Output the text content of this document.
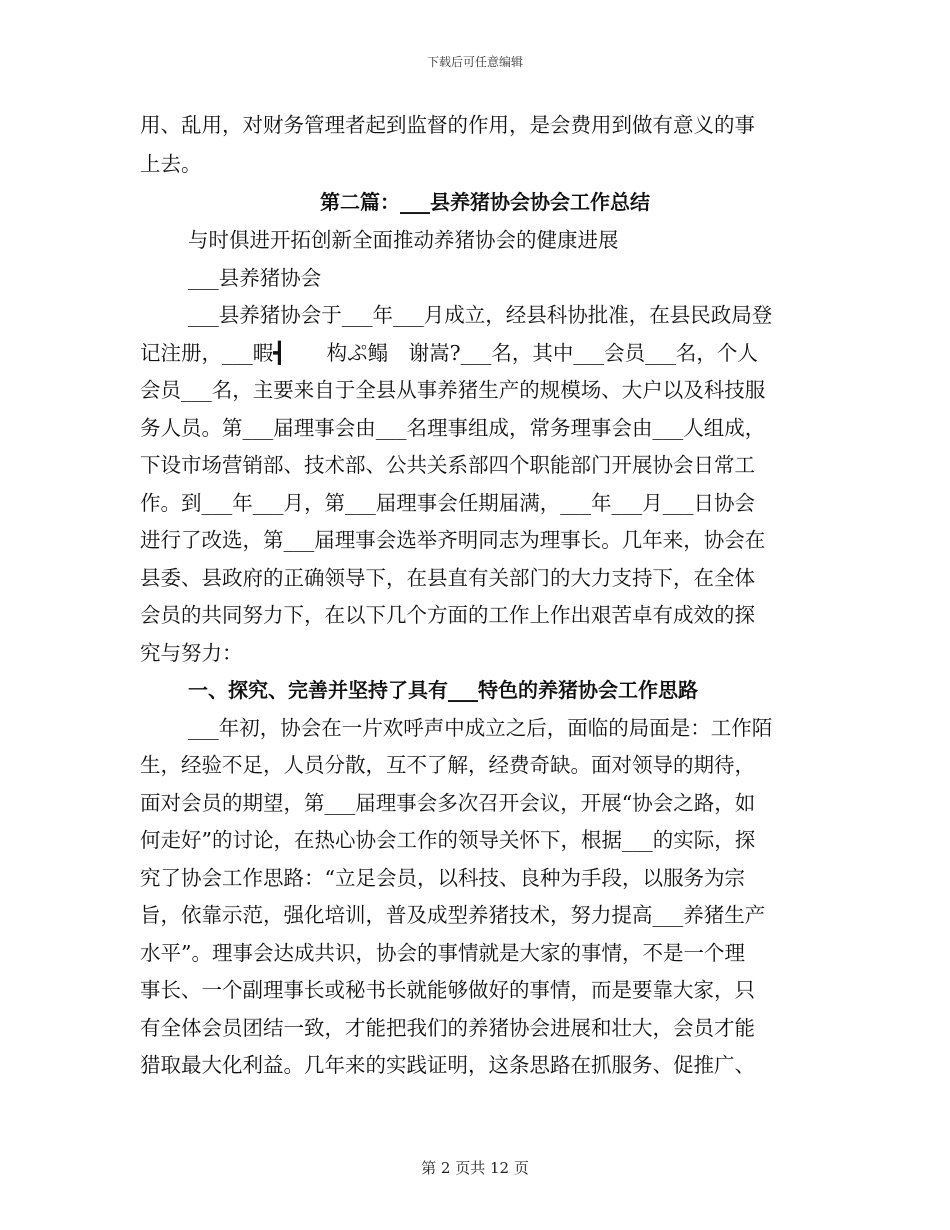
下载后可任意编辑
用、乱用，对财务管理者起到监督的作用，是会费用到做有意义的事
上去。
第二篇：___县养猪协会协会工作总结
与时俱进开拓创新全面推动养猪协会的健康进展
___县养猪协会
___县养猪协会于___年___月成立，经县科协批准，在县民政局登
记注册，___暇┫　　构ぷ鳎　谢嵩?___名，其中___会员___名，个人
会员___名，主要来自于全县从事养猪生产的规模场、大户以及科技服
务人员。第___届理事会由___名理事组成，常务理事会由___人组成，
下设市场营销部、技术部、公共关系部四个职能部门开展协会日常工
作。到___年___月，第___届理事会任期届满，___年___月___日协会
进行了改选，第___届理事会选举齐明同志为理事长。几年来，协会在
县委、县政府的正确领导下，在县直有关部门的大力支持下，在全体
会员的共同努力下，在以下几个方面的工作上作出艰苦卓有成效的探
究与努力：
一、探究、完善并坚持了具有___特色的养猪协会工作思路
___年初，协会在一片欢呼声中成立之后，面临的局面是：工作陌
生，经验不足，人员分散，互不了解，经费奇缺。面对领导的期待，
面对会员的期望，第___届理事会多次召开会议，开展“协会之路，如
何走好”的讨论，在热心协会工作的领导关怀下，根据___的实际，探
究了协会工作思路：“立足会员，以科技、良种为手段，以服务为宗
旨，依靠示范，强化培训，普及成型养猪技术，努力提高___养猪生产
水平”。理事会达成共识，协会的事情就是大家的事情，不是一个理
事长、一个副理事长或秘书长就能够做好的事情，而是要靠大家，只
有全体会员团结一致，才能把我们的养猪协会进展和壮大，会员才能
猎取最大化利益。几年来的实践证明，这条思路在抓服务、促推广、
第 2 页共 12 页
